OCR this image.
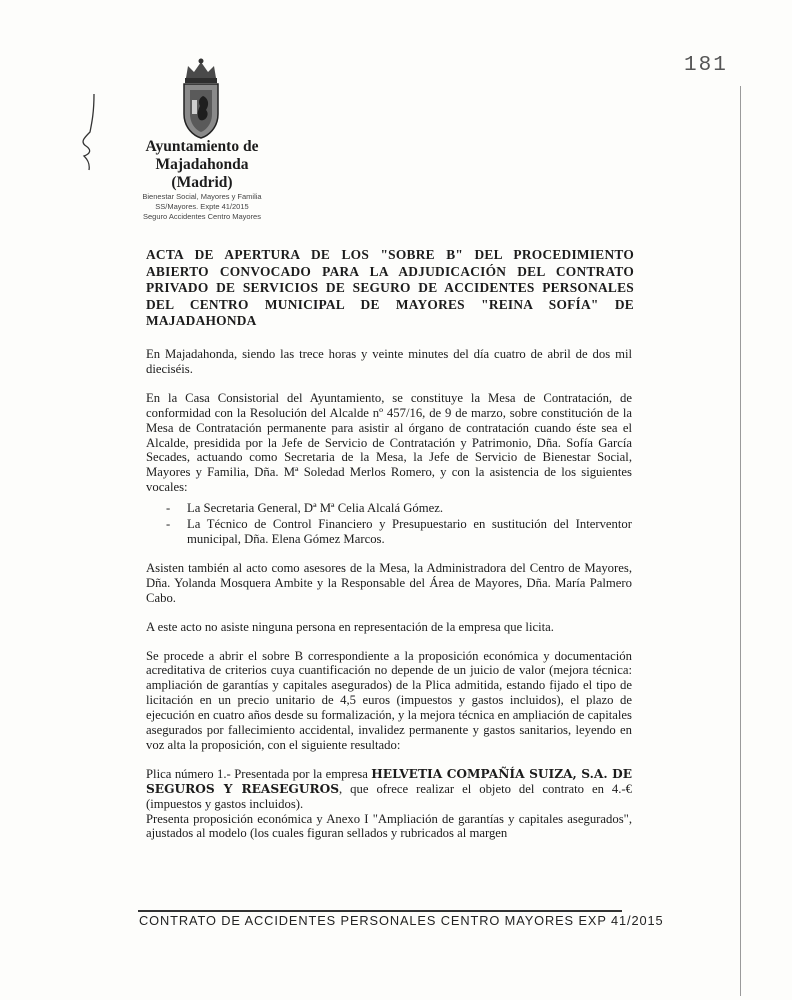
181

Ayuntamiento de

Majadahonda

(Madrid)

Bienestar Social, Mayores y Familia

SS/Mayores. Expte 41/2015

Seguro Accidentes Centro Mayores

ACTA DE APERTURA DE LOS "SOBRE B" DEL PROCEDIMIENTO ABIERTO CONVOCADO PARA LA ADJUDICACIÓN DEL CONTRATO PRIVADO DE SERVICIOS DE SEGURO DE ACCIDENTES PERSONALES DEL CENTRO MUNICIPAL DE MAYORES "REINA SOFÍA" DE MAJADAHONDA

En Majadahonda, siendo las trece horas y veinte minutes del día cuatro de abril de dos mil dieciséis.

En la Casa Consistorial del Ayuntamiento, se constituye la Mesa de Contratación, de conformidad con la Resolución del Alcalde nº 457/16, de 9 de marzo, sobre constitución de la Mesa de Contratación permanente para asistir al órgano de contratación cuando éste sea el Alcalde, presidida por la Jefe de Servicio de Contratación y Patrimonio, Dña. Sofía García Secades, actuando como Secretaria de la Mesa, la Jefe de Servicio de Bienestar Social, Mayores y Familia, Dña. Mª Soledad Merlos Romero, y con la asistencia de los siguientes vocales:

- La Secretaria General, Dª Mª Celia Alcalá Gómez.
- La Técnico de Control Financiero y Presupuestario en sustitución del Interventor municipal, Dña. Elena Gómez Marcos.

Asisten también al acto como asesores de la Mesa, la Administradora del Centro de Mayores, Dña. Yolanda Mosquera Ambite y la Responsable del Área de Mayores, Dña. María Palmero Cabo.

A este acto no asiste ninguna persona en representación de la empresa que licita.

Se procede a abrir el sobre B correspondiente a la proposición económica y documentación acreditativa de criterios cuya cuantificación no depende de un juicio de valor (mejora técnica: ampliación de garantías y capitales asegurados) de la Plica admitida, estando fijado el tipo de licitación en un precio unitario de 4,5 euros (impuestos y gastos incluidos), el plazo de ejecución en cuatro años desde su formalización, y la mejora técnica en ampliación de capitales asegurados por fallecimiento accidental, invalidez permanente y gastos sanitarios, leyendo en voz alta la proposición, con el siguiente resultado:

Plica número 1.- Presentada por la empresa HELVETIA COMPAÑÍA SUIZA, S.A. DE SEGUROS Y REASEGUROS, que ofrece realizar el objeto del contrato en 4.-€ (impuestos y gastos incluidos).

Presenta proposición económica y Anexo I "Ampliación de garantías y capitales asegurados", ajustados al modelo (los cuales figuran sellados y rubricados al margen

CONTRATO DE ACCIDENTES PERSONALES CENTRO MAYORES EXP 41/2015
